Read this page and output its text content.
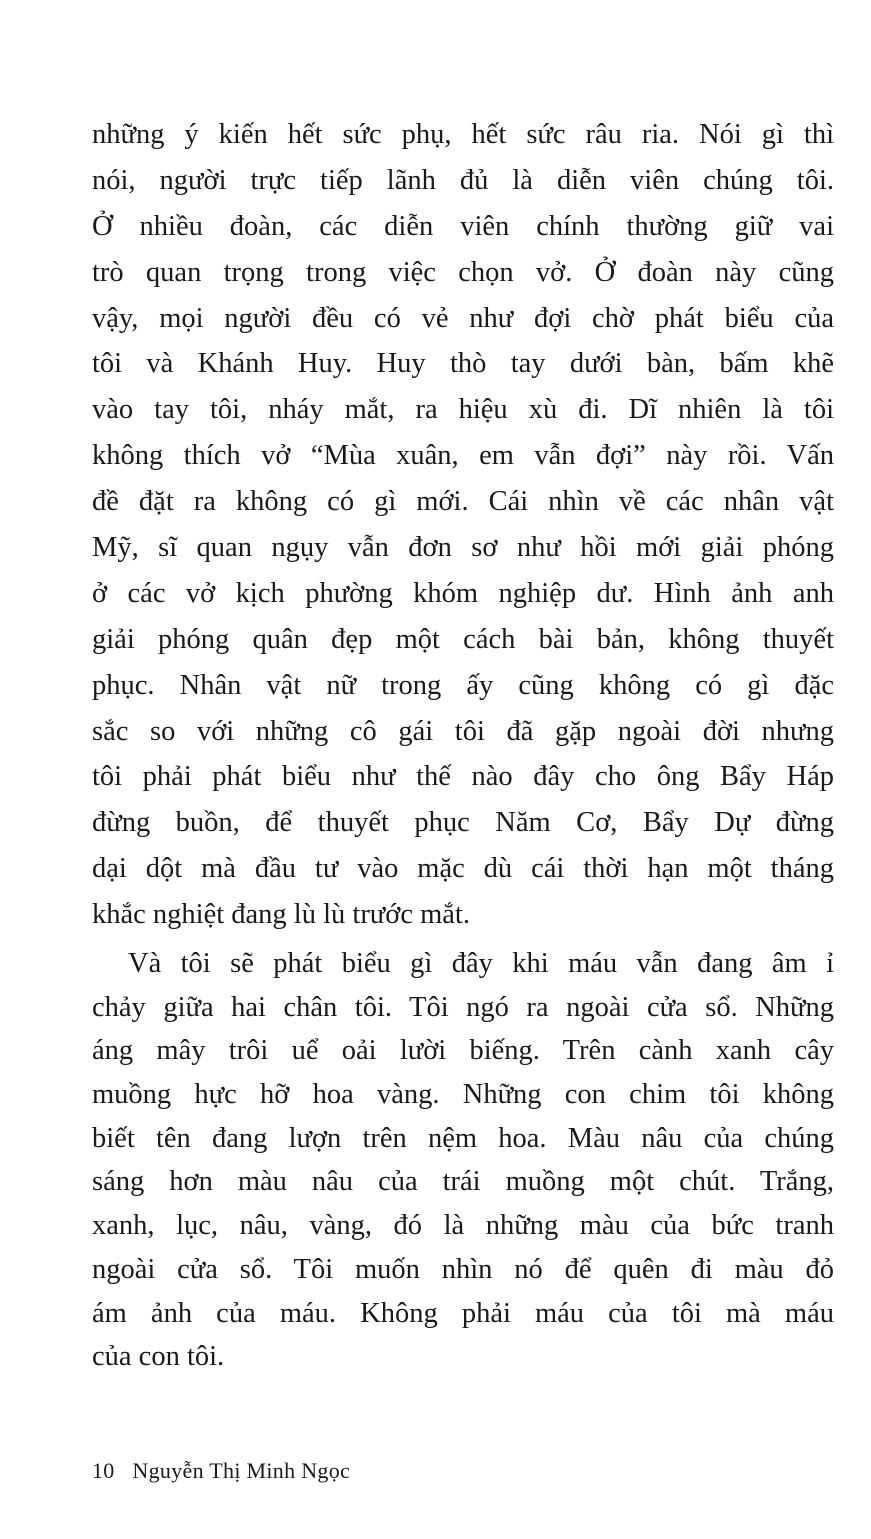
những ý kiến hết sức phụ, hết sức râu ria. Nói gì thì
nói, người trực tiếp lãnh đủ là diễn viên chúng tôi.
Ở nhiều đoàn, các diễn viên chính thường giữ vai
trò quan trọng trong việc chọn vở. Ở đoàn này cũng
vậy, mọi người đều có vẻ như đợi chờ phát biểu của
tôi và Khánh Huy. Huy thò tay dưới bàn, bấm khẽ
vào tay tôi, nháy mắt, ra hiệu xù đi. Dĩ nhiên là tôi
không thích vở “Mùa xuân, em vẫn đợi” này rồi. Vấn
đề đặt ra không có gì mới. Cái nhìn về các nhân vật
Mỹ, sĩ quan ngụy vẫn đơn sơ như hồi mới giải phóng
ở các vở kịch phường khóm nghiệp dư. Hình ảnh anh
giải phóng quân đẹp một cách bài bản, không thuyết
phục. Nhân vật nữ trong ấy cũng không có gì đặc
sắc so với những cô gái tôi đã gặp ngoài đời nhưng
tôi phải phát biểu như thế nào đây cho ông Bẩy Háp
đừng buồn, để thuyết phục Năm Cơ, Bẩy Dự đừng
dại dột mà đầu tư vào mặc dù cái thời hạn một tháng
khắc nghiệt đang lù lù trước mắt.
Và tôi sẽ phát biểu gì đây khi máu vẫn đang âm ỉ
chảy giữa hai chân tôi. Tôi ngó ra ngoài cửa sổ. Những
áng mây trôi uể oải lười biếng. Trên cành xanh cây
muồng hực hỡ hoa vàng. Những con chim tôi không
biết tên đang lượn trên nệm hoa. Màu nâu của chúng
sáng hơn màu nâu của trái muồng một chút. Trắng,
xanh, lục, nâu, vàng, đó là những màu của bức tranh
ngoài cửa sổ. Tôi muốn nhìn nó để quên đi màu đỏ
ám ảnh của máu. Không phải máu của tôi mà máu
của con tôi.
10 Nguyễn Thị Minh Ngọc
